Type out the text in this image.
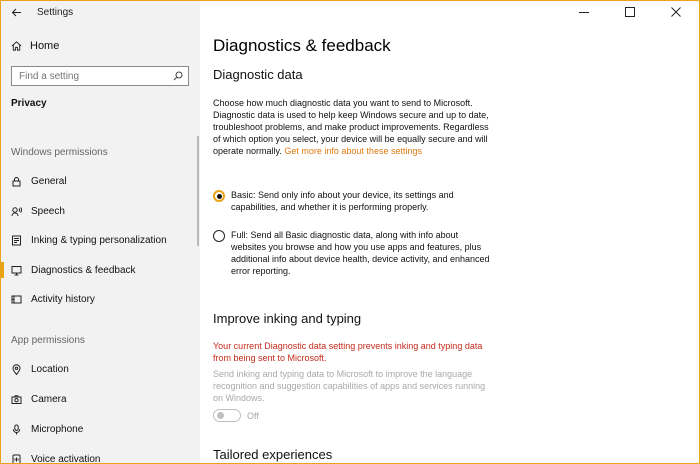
Settings
Home
Find a setting
Privacy
Windows permissions
General
Speech
Inking & typing personalization
Diagnostics & feedback
Activity history
App permissions
Location
Camera
Microphone
Voice activation
Diagnostics & feedback
Diagnostic data
Choose how much diagnostic data you want to send to Microsoft. Diagnostic data is used to help keep Windows secure and up to date, troubleshoot problems, and make product improvements. Regardless of which option you select, your device will be equally secure and will operate normally. Get more info about these settings
Basic: Send only info about your device, its settings and capabilities, and whether it is performing properly.
Full: Send all Basic diagnostic data, along with info about websites you browse and how you use apps and features, plus additional info about device health, device activity, and enhanced error reporting.
Improve inking and typing
Your current Diagnostic data setting prevents inking and typing data from being sent to Microsoft.
Send inking and typing data to Microsoft to improve the language recognition and suggestion capabilities of apps and services running on Windows.
Off
Tailored experiences
